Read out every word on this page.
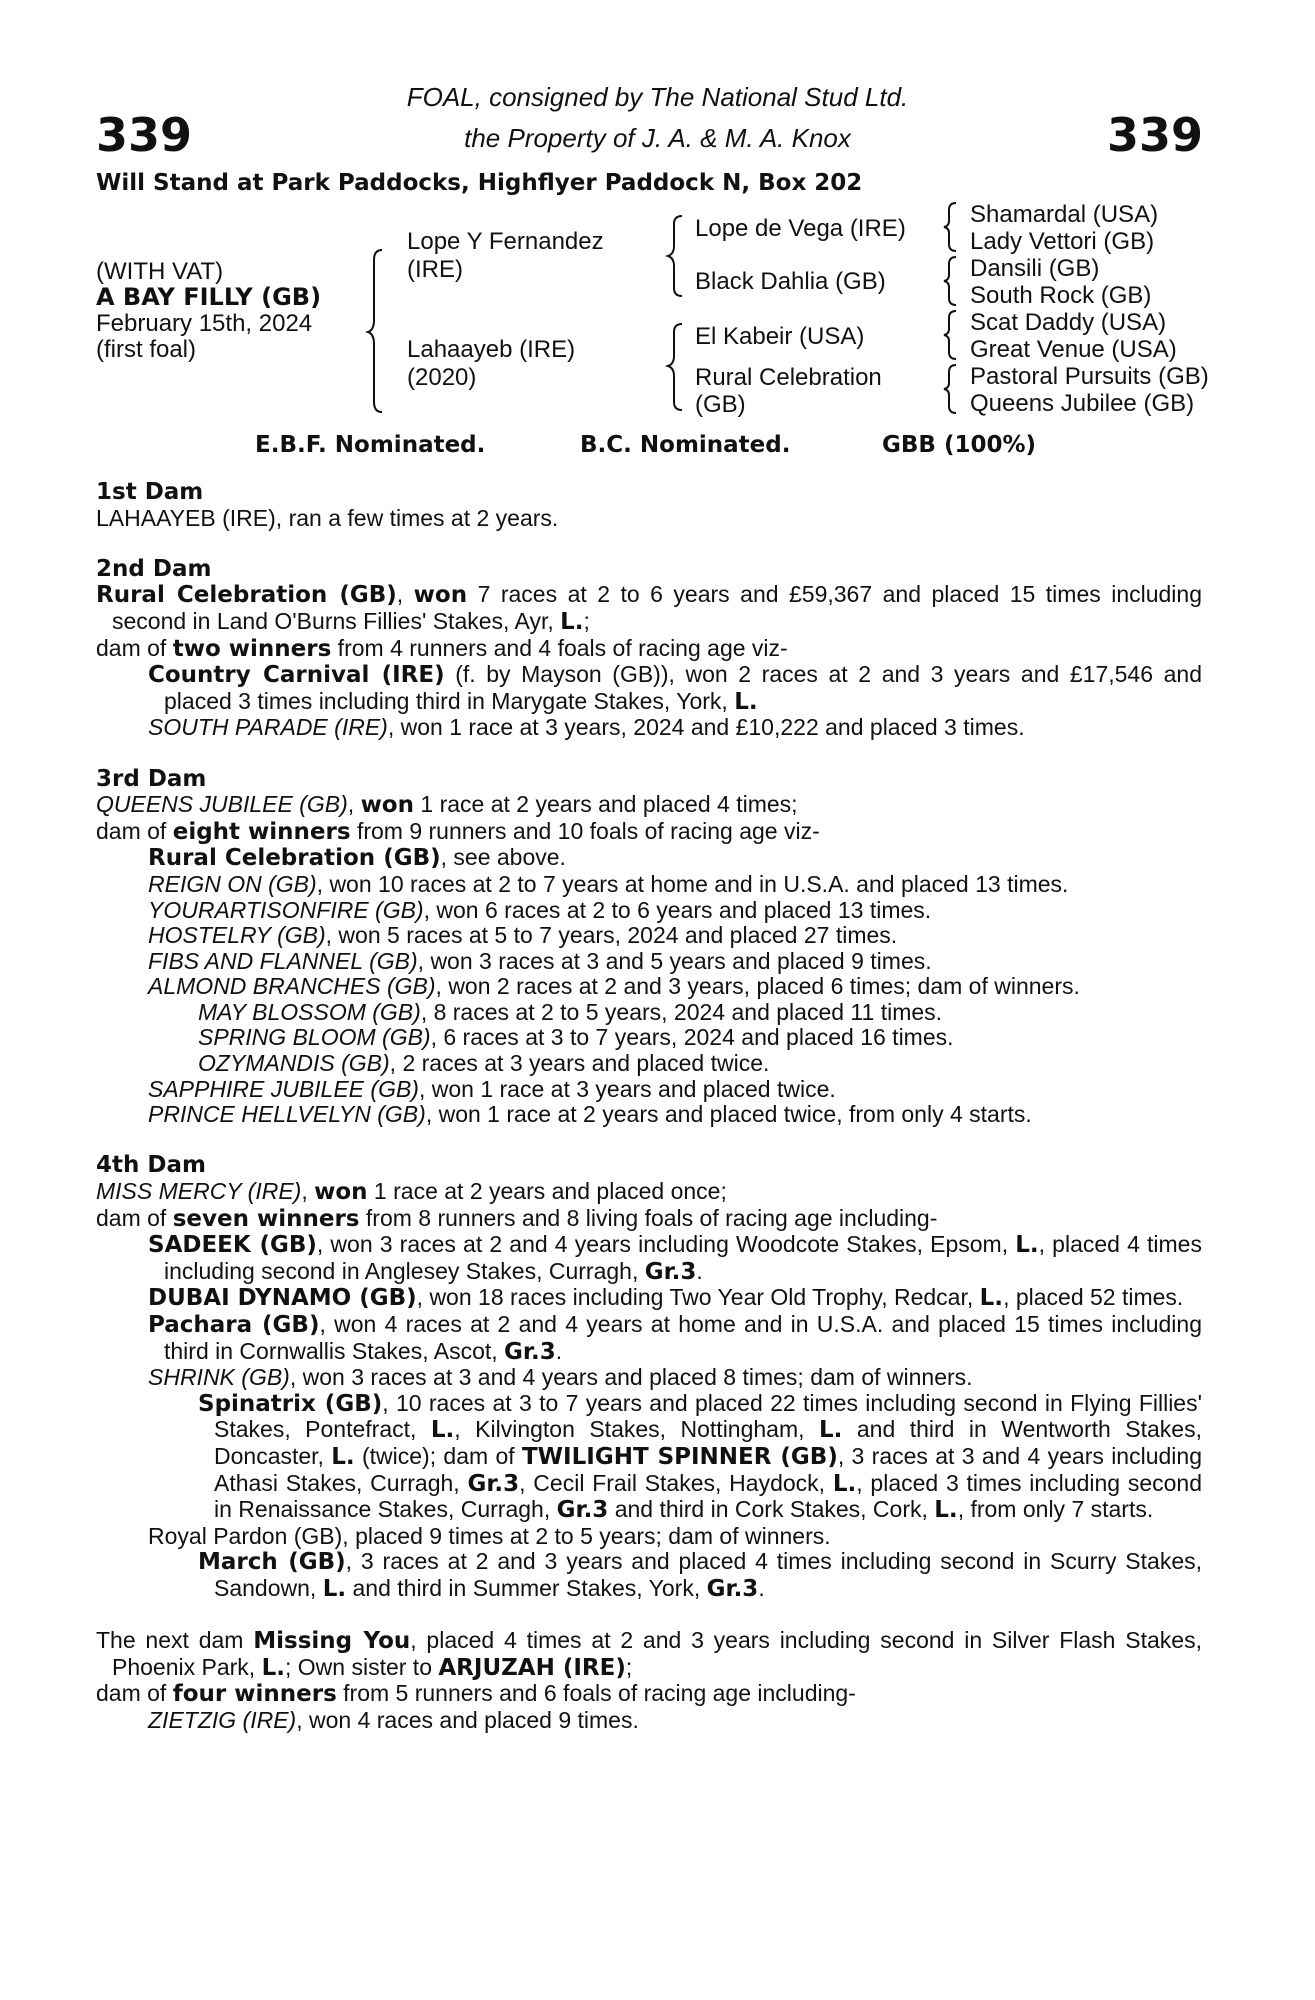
339	339
FOAL, consigned by The National Stud Ltd.
the Property of J. A. & M. A. Knox
Will Stand at Park Paddocks, Highflyer Paddock N, Box 202
(WITH VAT)
A BAY FILLY (GB)
February 15th, 2024
(first foal)
Lope Y Fernandez
(IRE)
Lahaayeb (IRE)
(2020)
Lope de Vega (IRE)
Black Dahlia (GB)
El Kabeir (USA)
Rural Celebration
(GB)
Shamardal (USA)
Lady Vettori (GB)
Dansili (GB)
South Rock (GB)
Scat Daddy (USA)
Great Venue (USA)
Pastoral Pursuits (GB)
Queens Jubilee (GB)
E.B.F. Nominated.	B.C. Nominated.	GBB (100%)
1st Dam
LAHAAYEB (IRE), ran a few times at 2 years.
2nd Dam
Rural Celebration (GB), won 7 races at 2 to 6 years and £59,367 and placed 15 times including second in Land O'Burns Fillies' Stakes, Ayr, L.;
dam of two winners from 4 runners and 4 foals of racing age viz-
Country Carnival (IRE) (f. by Mayson (GB)), won 2 races at 2 and 3 years and £17,546 and placed 3 times including third in Marygate Stakes, York, L.
SOUTH PARADE (IRE), won 1 race at 3 years, 2024 and £10,222 and placed 3 times.
3rd Dam
QUEENS JUBILEE (GB), won 1 race at 2 years and placed 4 times;
dam of eight winners from 9 runners and 10 foals of racing age viz-
Rural Celebration (GB), see above.
REIGN ON (GB), won 10 races at 2 to 7 years at home and in U.S.A. and placed 13 times.
YOURARTISONFIRE (GB), won 6 races at 2 to 6 years and placed 13 times.
HOSTELRY (GB), won 5 races at 5 to 7 years, 2024 and placed 27 times.
FIBS AND FLANNEL (GB), won 3 races at 3 and 5 years and placed 9 times.
ALMOND BRANCHES (GB), won 2 races at 2 and 3 years, placed 6 times; dam of winners.
MAY BLOSSOM (GB), 8 races at 2 to 5 years, 2024 and placed 11 times.
SPRING BLOOM (GB), 6 races at 3 to 7 years, 2024 and placed 16 times.
OZYMANDIS (GB), 2 races at 3 years and placed twice.
SAPPHIRE JUBILEE (GB), won 1 race at 3 years and placed twice.
PRINCE HELLVELYN (GB), won 1 race at 2 years and placed twice, from only 4 starts.
4th Dam
MISS MERCY (IRE), won 1 race at 2 years and placed once;
dam of seven winners from 8 runners and 8 living foals of racing age including-
SADEEK (GB), won 3 races at 2 and 4 years including Woodcote Stakes, Epsom, L., placed 4 times including second in Anglesey Stakes, Curragh, Gr.3.
DUBAI DYNAMO (GB), won 18 races including Two Year Old Trophy, Redcar, L., placed 52 times.
Pachara (GB), won 4 races at 2 and 4 years at home and in U.S.A. and placed 15 times including third in Cornwallis Stakes, Ascot, Gr.3.
SHRINK (GB), won 3 races at 3 and 4 years and placed 8 times; dam of winners.
Spinatrix (GB), 10 races at 3 to 7 years and placed 22 times including second in Flying Fillies' Stakes, Pontefract, L., Kilvington Stakes, Nottingham, L. and third in Wentworth Stakes, Doncaster, L. (twice); dam of TWILIGHT SPINNER (GB), 3 races at 3 and 4 years including Athasi Stakes, Curragh, Gr.3, Cecil Frail Stakes, Haydock, L., placed 3 times including second in Renaissance Stakes, Curragh, Gr.3 and third in Cork Stakes, Cork, L., from only 7 starts.
Royal Pardon (GB), placed 9 times at 2 to 5 years; dam of winners.
March (GB), 3 races at 2 and 3 years and placed 4 times including second in Scurry Stakes, Sandown, L. and third in Summer Stakes, York, Gr.3.
The next dam Missing You, placed 4 times at 2 and 3 years including second in Silver Flash Stakes, Phoenix Park, L.; Own sister to ARJUZAH (IRE);
dam of four winners from 5 runners and 6 foals of racing age including-
ZIETZIG (IRE), won 4 races and placed 9 times.
